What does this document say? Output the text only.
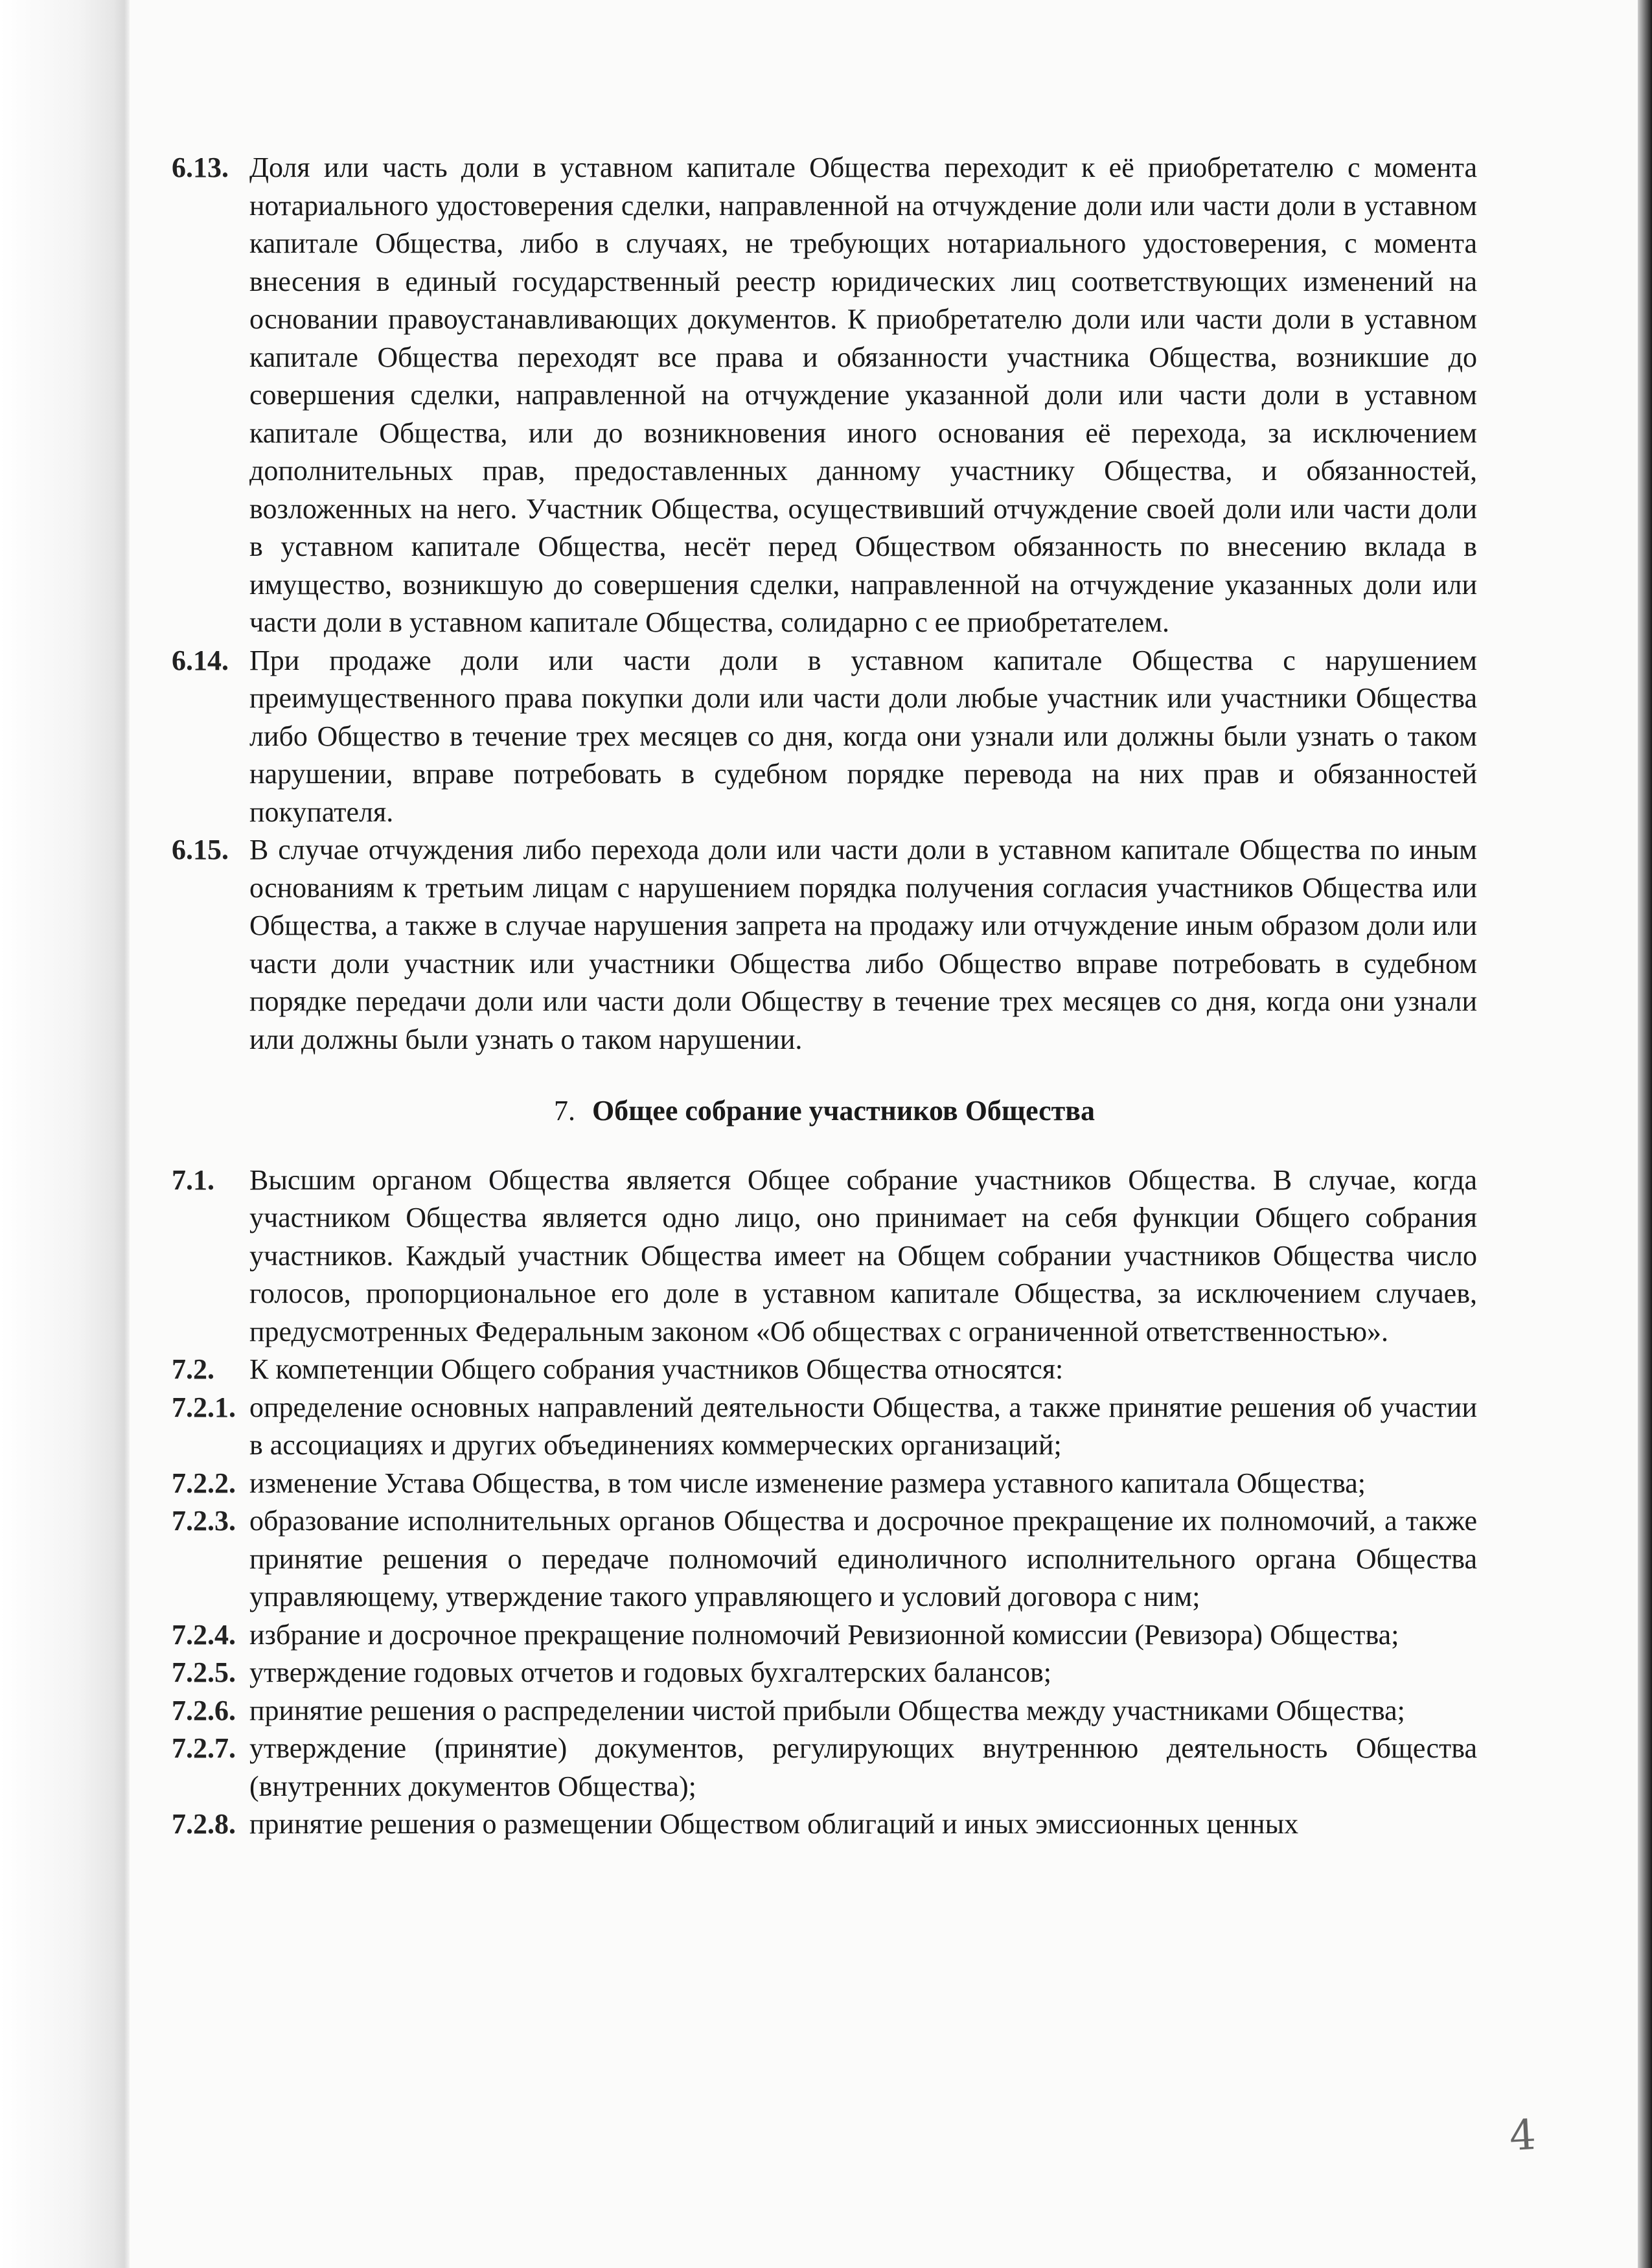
6.13. Доля или часть доли в уставном капитале Общества переходит к её приобретателю с момента нотариального удостоверения сделки, направленной на отчуждение доли или части доли в уставном капитале Общества, либо в случаях, не требующих нотариального удостоверения, с момента внесения в единый государственный реестр юридических лиц соответствующих изменений на основании правоустанавливающих документов. К приобретателю доли или части доли в уставном капитале Общества переходят все права и обязанности участника Общества, возникшие до совершения сделки, направленной на отчуждение указанной доли или части доли в уставном капитале Общества, или до возникновения иного основания её перехода, за исключением дополнительных прав, предоставленных данному участнику Общества, и обязанностей, возложенных на него. Участник Общества, осуществивший отчуждение своей доли или части доли в уставном капитале Общества, несёт перед Обществом обязанность по внесению вклада в имущество, возникшую до совершения сделки, направленной на отчуждение указанных доли или части доли в уставном капитале Общества, солидарно с ее приобретателем.
6.14. При продаже доли или части доли в уставном капитале Общества с нарушением преимущественного права покупки доли или части доли любые участник или участники Общества либо Общество в течение трех месяцев со дня, когда они узнали или должны были узнать о таком нарушении, вправе потребовать в судебном порядке перевода на них прав и обязанностей покупателя.
6.15. В случае отчуждения либо перехода доли или части доли в уставном капитале Общества по иным основаниям к третьим лицам с нарушением порядка получения согласия участников Общества или Общества, а также в случае нарушения запрета на продажу или отчуждение иным образом доли или части доли участник или участники Общества либо Общество вправе потребовать в судебном порядке передачи доли или части доли Обществу в течение трех месяцев со дня, когда они узнали или должны были узнать о таком нарушении.
7. Общее собрание участников Общества
7.1.	Высшим органом Общества является Общее собрание участников Общества. В случае, когда участником Общества является одно лицо, оно принимает на себя функции Общего собрания участников. Каждый участник Общества имеет на Общем собрании участников Общества число голосов, пропорциональное его доле в уставном капитале Общества, за исключением случаев, предусмотренных Федеральным законом «Об обществах с ограниченной ответственностью».
7.2.	К компетенции Общего собрания участников Общества относятся:
7.2.1. определение основных направлений деятельности Общества, а также принятие решения об участии в ассоциациях и других объединениях коммерческих организаций;
7.2.2. изменение Устава Общества, в том числе изменение размера уставного капитала Общества;
7.2.3. образование исполнительных органов Общества и досрочное прекращение их полномочий, а также принятие решения о передаче полномочий единоличного исполнительного органа Общества управляющему, утверждение такого управляющего и условий договора с ним;
7.2.4. избрание и досрочное прекращение полномочий Ревизионной комиссии (Ревизора) Общества;
7.2.5. утверждение годовых отчетов и годовых бухгалтерских балансов;
7.2.6. принятие решения о распределении чистой прибыли Общества между участниками Общества;
7.2.7. утверждение (принятие) документов, регулирующих внутреннюю деятельность Общества (внутренних документов Общества);
7.2.8. принятие решения о размещении Обществом облигаций и иных эмиссионных ценных
4
